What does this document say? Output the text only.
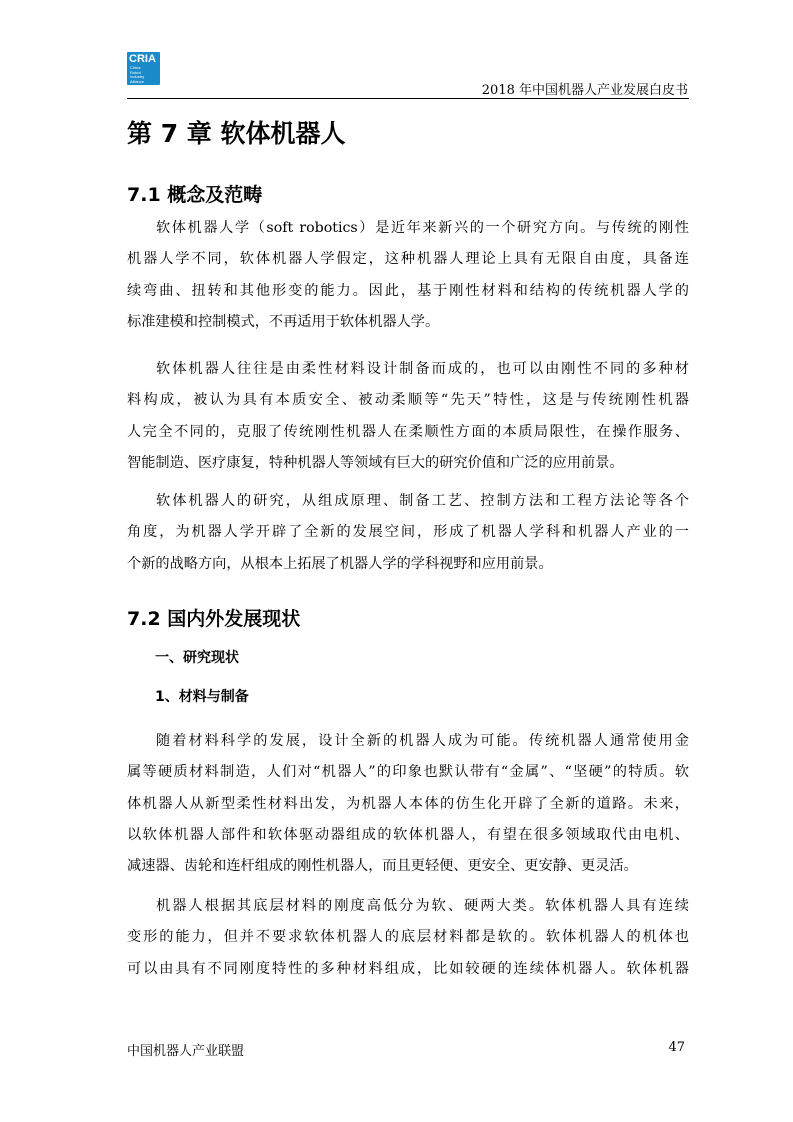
CRIA
China
Robot
Industry
Alliance
2018 年中国机器人产业发展白皮书
第 7 章 软体机器人
7.1 概念及范畴
软体机器人学（soft robotics）是近年来新兴的一个研究方向。与传统的刚性
机器人学不同，软体机器人学假定，这种机器人理论上具有无限自由度，具备连
续弯曲、扭转和其他形变的能力。因此，基于刚性材料和结构的传统机器人学的
标准建模和控制模式，不再适用于软体机器人学。
软体机器人往往是由柔性材料设计制备而成的，也可以由刚性不同的多种材
料构成，被认为具有本质安全、被动柔顺等“先天”特性，这是与传统刚性机器
人完全不同的，克服了传统刚性机器人在柔顺性方面的本质局限性，在操作服务、
智能制造、医疗康复，特种机器人等领域有巨大的研究价值和广泛的应用前景。
软体机器人的研究，从组成原理、制备工艺、控制方法和工程方法论等各个
角度，为机器人学开辟了全新的发展空间，形成了机器人学科和机器人产业的一
个新的战略方向，从根本上拓展了机器人学的学科视野和应用前景。
7.2 国内外发展现状
一、研究现状
1、材料与制备
随着材料科学的发展，设计全新的机器人成为可能。传统机器人通常使用金
属等硬质材料制造，人们对“机器人”的印象也默认带有“金属”、“坚硬”的特质。软
体机器人从新型柔性材料出发，为机器人本体的仿生化开辟了全新的道路。未来，
以软体机器人部件和软体驱动器组成的软体机器人，有望在很多领域取代由电机、
减速器、齿轮和连杆组成的刚性机器人，而且更轻便、更安全、更安静、更灵活。
机器人根据其底层材料的刚度高低分为软、硬两大类。软体机器人具有连续
变形的能力，但并不要求软体机器人的底层材料都是软的。软体机器人的机体也
可以由具有不同刚度特性的多种材料组成，比如较硬的连续体机器人。软体机器
中国机器人产业联盟	47
